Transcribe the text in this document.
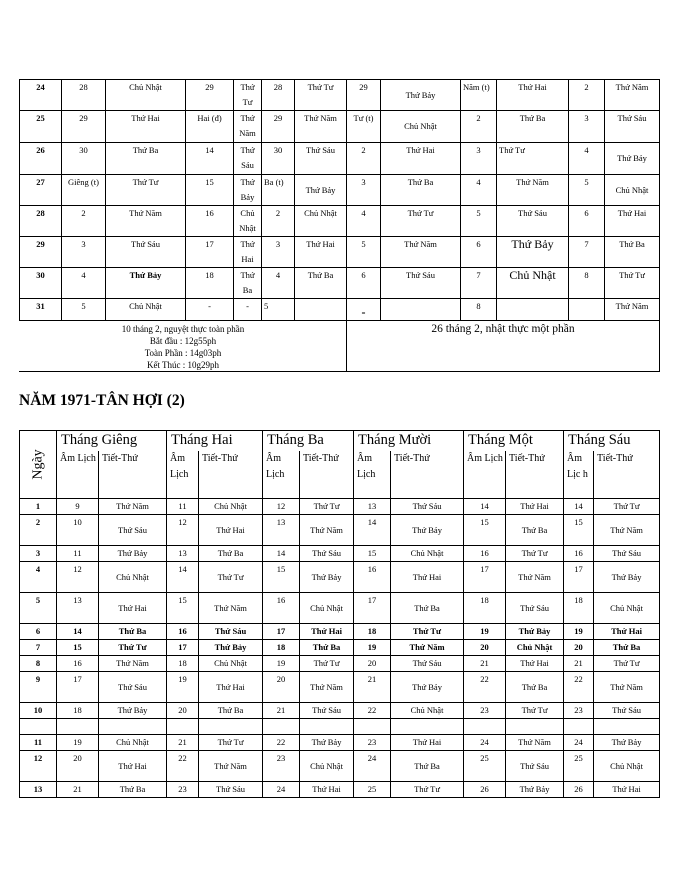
24	28	Chủ Nhật	29	Thứ Tư	28	Thứ Tư	29	Thứ Bảy	Năm (t)	Thứ Hai	2	Thứ Năm
25	29	Thứ Hai	Hai (đ)	Thứ Năm	29	Thứ Năm	Tư (t)	Chủ Nhật	2	Thứ Ba	3	Thứ Sáu
26	30	Thứ Ba	14	Thứ Sáu	30	Thứ Sáu	2	Thứ Hai	3	Thứ Tư	4	Thứ Bảy
27	Giêng (t)	Thứ Tư	15	Thứ Bảy	Ba (t)	Thứ Bảy	3	Thứ Ba	4	Thứ Năm	5	Chủ Nhật
28	2	Thứ Năm	16	Chủ Nhật	2	Chủ Nhật	4	Thứ Tư	5	Thứ Sáu	6	Thứ Hai
29	3	Thứ Sáu	17	Thứ Hai	3	Thứ Hai	5	Thứ Năm	6	Thứ Bảy	7	Thứ Ba
30	4	Thứ Bảy	18	Thứ Ba	4	Thứ Ba	6	Thứ Sáu	7	Chủ Nhật	8	Thứ Tư
31	5	Chủ Nhật	-	-	5		-		8			Thứ Năm

10 tháng 2, nguyệt thực toàn phần
Bắt đầu : 12g55ph
Toàn Phần : 14g03ph
Kết Thúc : 10g29ph							26 tháng 2, nhật thực một phần					
NĂM 1971-TÂN HỢI (2)
Ngày	Tháng Giêng		Tháng Hai		Tháng Ba		Tháng Mười		Tháng Một		Tháng Sáu	
	Âm Lịch	Tiết-Thứ	Âm Lịch	Tiết-Thứ	Âm Lịch	Tiết-Thứ	Âm Lịch	Tiết-Thứ	Âm Lịch	Tiết-Thứ	Âm Lịc h	Tiết-Thứ
1	9	Thứ Năm	11	Chủ Nhật	12	Thứ Tư	13	Thứ Sáu	14	Thứ Hai	14	Thứ Tư
2	10	Thứ Sáu	12	Thứ Hai	13	Thứ Năm	14	Thứ Bảy	15	Thứ Ba	15	Thứ Năm
3	11	Thứ Bảy	13	Thứ Ba	14	Thứ Sáu	15	Chủ Nhật	16	Thứ Tư	16	Thứ Sáu
4	12	Chủ Nhật	14	Thứ Tư	15	Thứ Bảy	16	Thứ Hai	17	Thứ Năm	17	Thứ Bảy
5	13	Thứ Hai	15	Thứ Năm	16	Chủ Nhật	17	Thứ Ba	18	Thứ Sáu	18	Chủ Nhật
6	14	Thứ Ba	16	Thứ Sáu	17	Thứ Hai	18	Thứ Tư	19	Thứ Bảy	19	Thứ Hai
7	15	Thứ Tư	17	Thứ Bảy	18	Thứ Ba	19	Thứ Năm	20	Chủ Nhật	20	Thứ Ba
8	16	Thứ Năm	18	Chủ Nhật	19	Thứ Tư	20	Thứ Sáu	21	Thứ Hai	21	Thứ Tư
9	17	Thứ Sáu	19	Thứ Hai	20	Thứ Năm	21	Thứ Bảy	22	Thứ Ba	22	Thứ Năm
10	18	Thứ Bảy	20	Thứ Ba	21	Thứ Sáu	22	Chủ Nhật	23	Thứ Tư	23	Thứ Sáu

11	19	Chủ Nhật	21	Thứ Tư	22	Thứ Bảy	23	Thứ Hai	24	Thứ Năm	24	Thứ Bảy
12	20	Thứ Hai	22	Thứ Năm	23	Chủ Nhật	24	Thứ Ba	25	Thứ Sáu	25	Chủ Nhật
13	21	Thứ Ba	23	Thứ Sáu	24	Thứ Hai	25	Thứ Tư	26	Thứ Bảy	26	Thứ Hai
